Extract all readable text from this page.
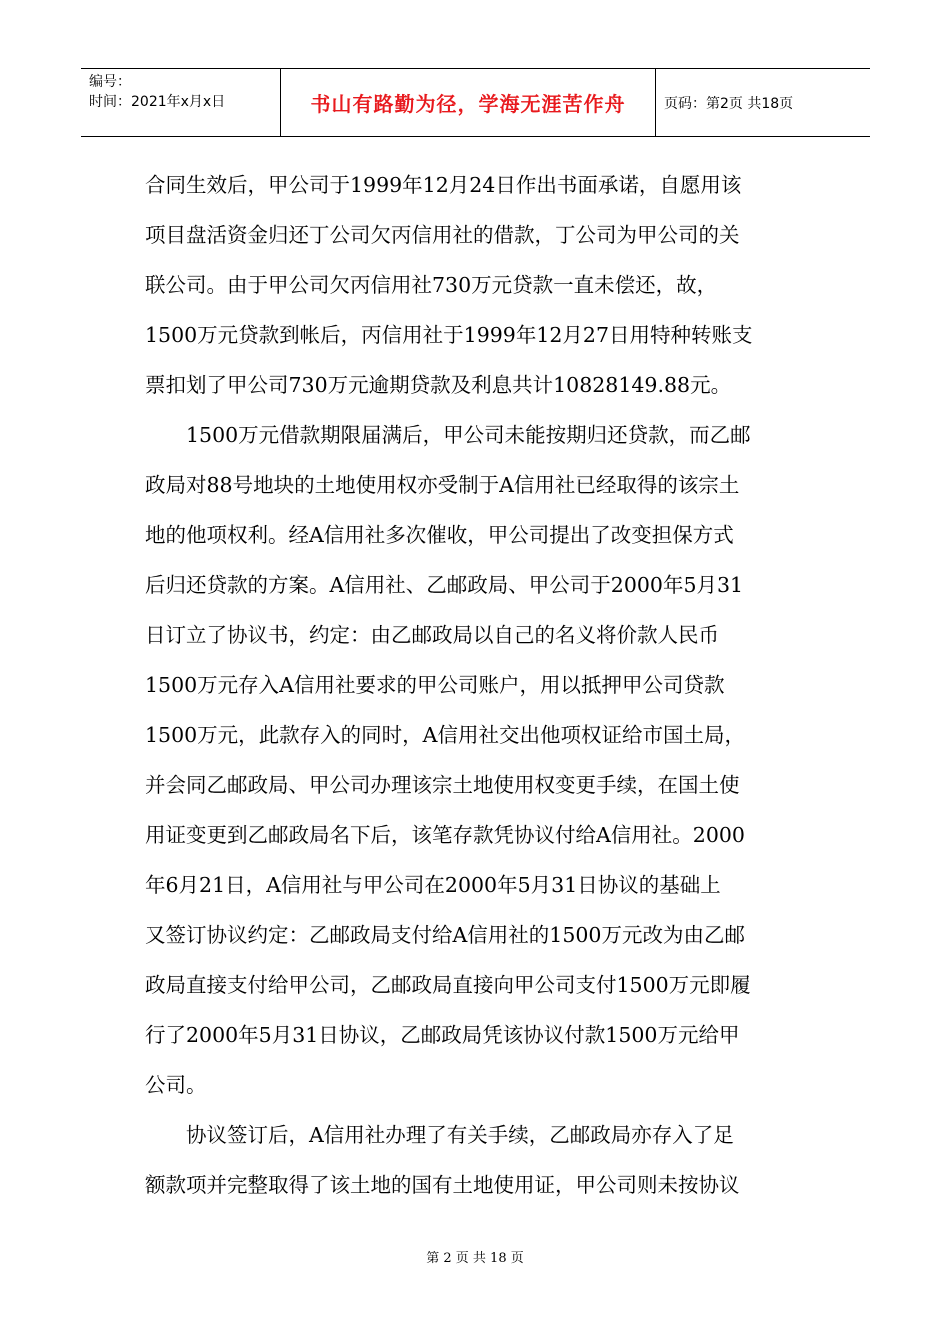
编号：
时间：2021年x月x日	书山有路勤为径，学海无涯苦作舟	页码：第2页 共18页
合同生效后，甲公司于1999年12月24日作出书面承诺，自愿用该
项目盘活资金归还丁公司欠丙信用社的借款，丁公司为甲公司的关
联公司。由于甲公司欠丙信用社730万元贷款一直未偿还，故，
1500万元贷款到帐后，丙信用社于1999年12月27日用特种转账支
票扣划了甲公司730万元逾期贷款及利息共计10828149.88元。
　　1500万元借款期限届满后，甲公司未能按期归还贷款，而乙邮
政局对88号地块的土地使用权亦受制于A信用社已经取得的该宗土
地的他项权利。经A信用社多次催收，甲公司提出了改变担保方式
后归还贷款的方案。A信用社、乙邮政局、甲公司于2000年5月31
日订立了协议书，约定：由乙邮政局以自己的名义将价款人民币
1500万元存入A信用社要求的甲公司账户，用以抵押甲公司贷款
1500万元，此款存入的同时，A信用社交出他项权证给市国土局，
并会同乙邮政局、甲公司办理该宗土地使用权变更手续，在国土使
用证变更到乙邮政局名下后，该笔存款凭协议付给A信用社。2000
年6月21日，A信用社与甲公司在2000年5月31日协议的基础上
又签订协议约定：乙邮政局支付给A信用社的1500万元改为由乙邮
政局直接支付给甲公司，乙邮政局直接向甲公司支付1500万元即履
行了2000年5月31日协议，乙邮政局凭该协议付款1500万元给甲
公司。
　　协议签订后，A信用社办理了有关手续，乙邮政局亦存入了足
额款项并完整取得了该土地的国有土地使用证，甲公司则未按协议
第 2 页 共 18 页
